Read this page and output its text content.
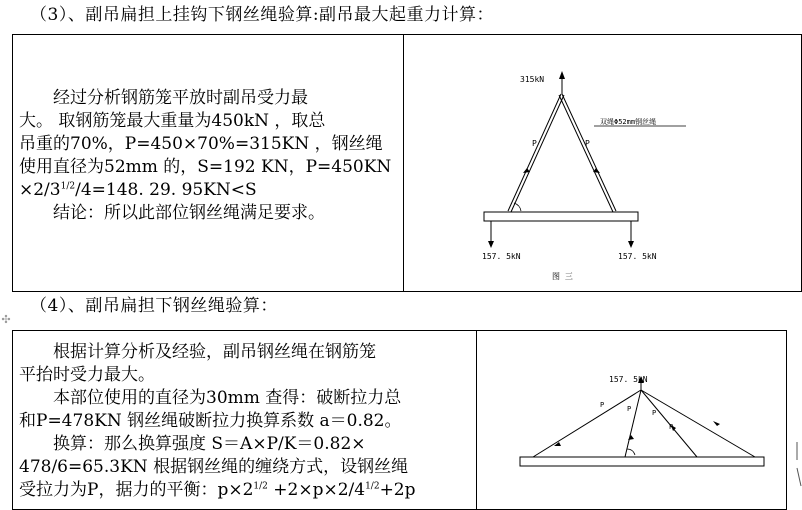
（3）、副吊扁担上挂钩下钢丝绳验算:副吊最大起重力计算：
经过分析钢筋笼平放时副吊受力最
大。 取钢筋笼最大重量为450kN ，取总
吊重的70%，P=450×70%=315KN ，钢丝绳
使用直径为52mm 的，S=192 KN，P=450KN
$\times 2/3^{1/2}/4=148$. 29. 95KN<S
结论：所以此部位钢丝绳满足要求。
315kN
P	P
双绳Φ52mm钢丝绳
157. 5kN	157. 5kN
图 三
✣
（4）、副吊扁担下钢丝绳验算：
根据计算分析及经验，副吊钢丝绳在钢筋笼
平抬时受力最大。
本部位使用的直径为30mm 查得：破断拉力总
和P=478KN 钢丝绳破断拉力换算系数 a＝0.82。
换算：那么换算强度 S＝A×P/K＝0.82×
478/6=65.3KN 根据钢丝绳的缠绕方式，设钢丝绳
受拉力为P，据力的平衡：$p\times 2^{1/2} +2\times p\times 2/4^{1/2}+2p$
157. 5kN
P	P	P
P
